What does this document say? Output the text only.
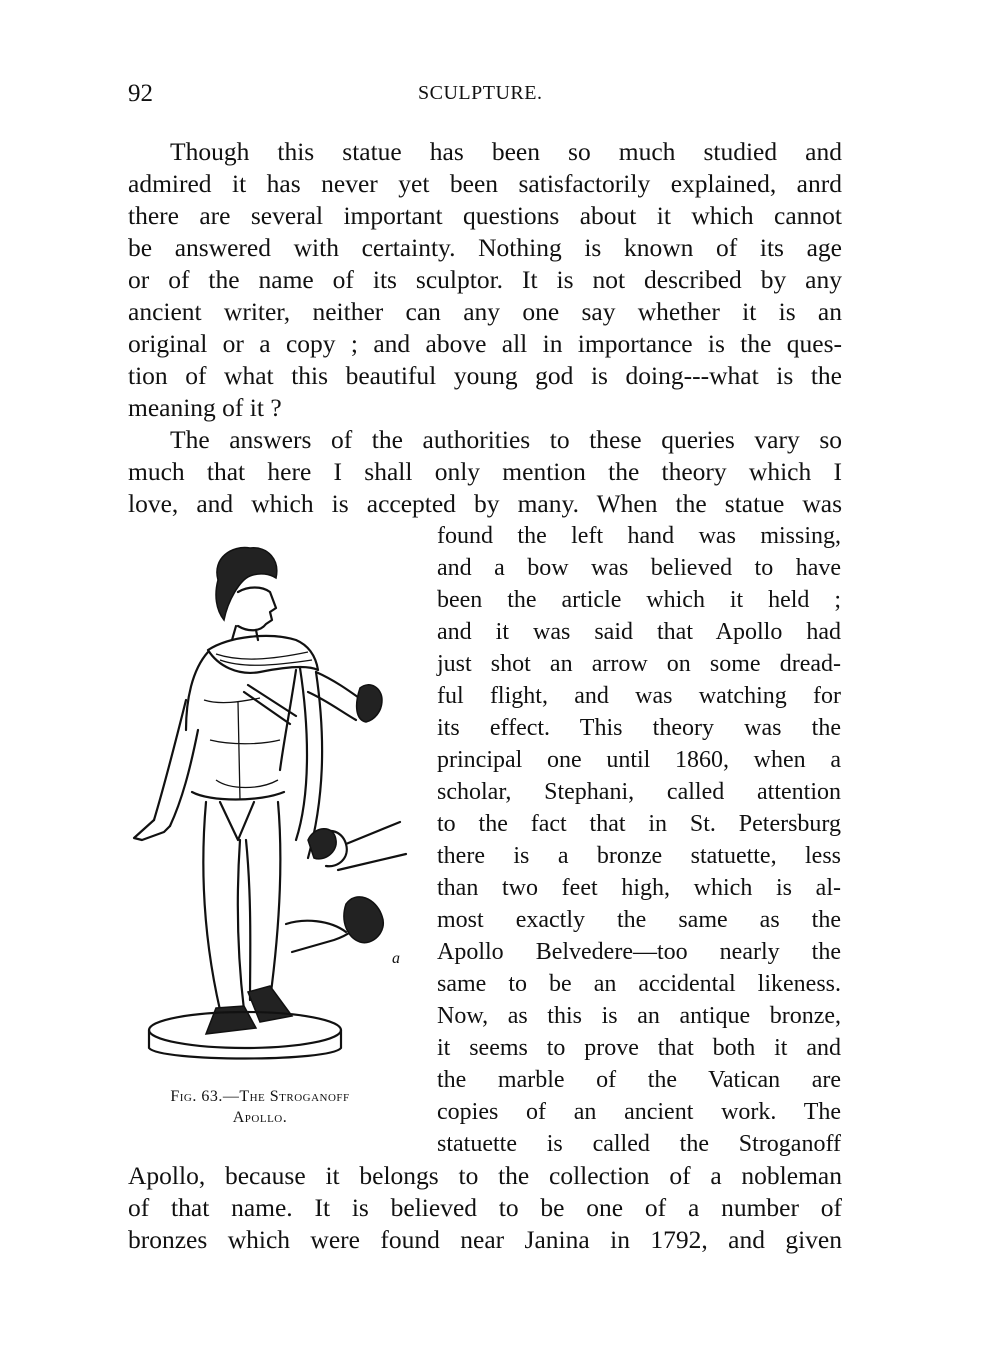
92	SCULPTURE.
Though this statue has been so much studied and
admired it has never yet been satisfactorily explained, anrd
there are several important questions about it which cannot
be answered with certainty. Nothing is known of its age
or of the name of its sculptor. It is not described by any
ancient writer, neither can any one say whether it is an
original or a copy ; and above all in importance is the ques-
tion of what this beautiful young god is doing---what is the
meaning of it ?
The answers of the authorities to these queries vary so
much that here I shall only mention the theory which I
love, and which is accepted by many. When the statue was
found the left hand was missing,
and a bow was believed to have
been the article which it held ;
and it was said that Apollo had
just shot an arrow on some dread-
ful flight, and was watching for
its effect. This theory was the
principal one until 1860, when a
scholar, Stephani, called attention
to the fact that in St. Petersburg
there is a bronze statuette, less
than two feet high, which is al-
most exactly the same as the
Apollo Belvedere—too nearly the
same to be an accidental likeness.
Now, as this is an antique bronze,
it seems to prove that both it and
the marble of the Vatican are
copies of an ancient work. The
statuette is called the Stroganoff
Apollo, because it belongs to the collection of a nobleman
of that name. It is believed to be one of a number of
bronzes which were found near Janina in 1792, and given
a
Fig. 63.—The Stroganoff
Apollo.
